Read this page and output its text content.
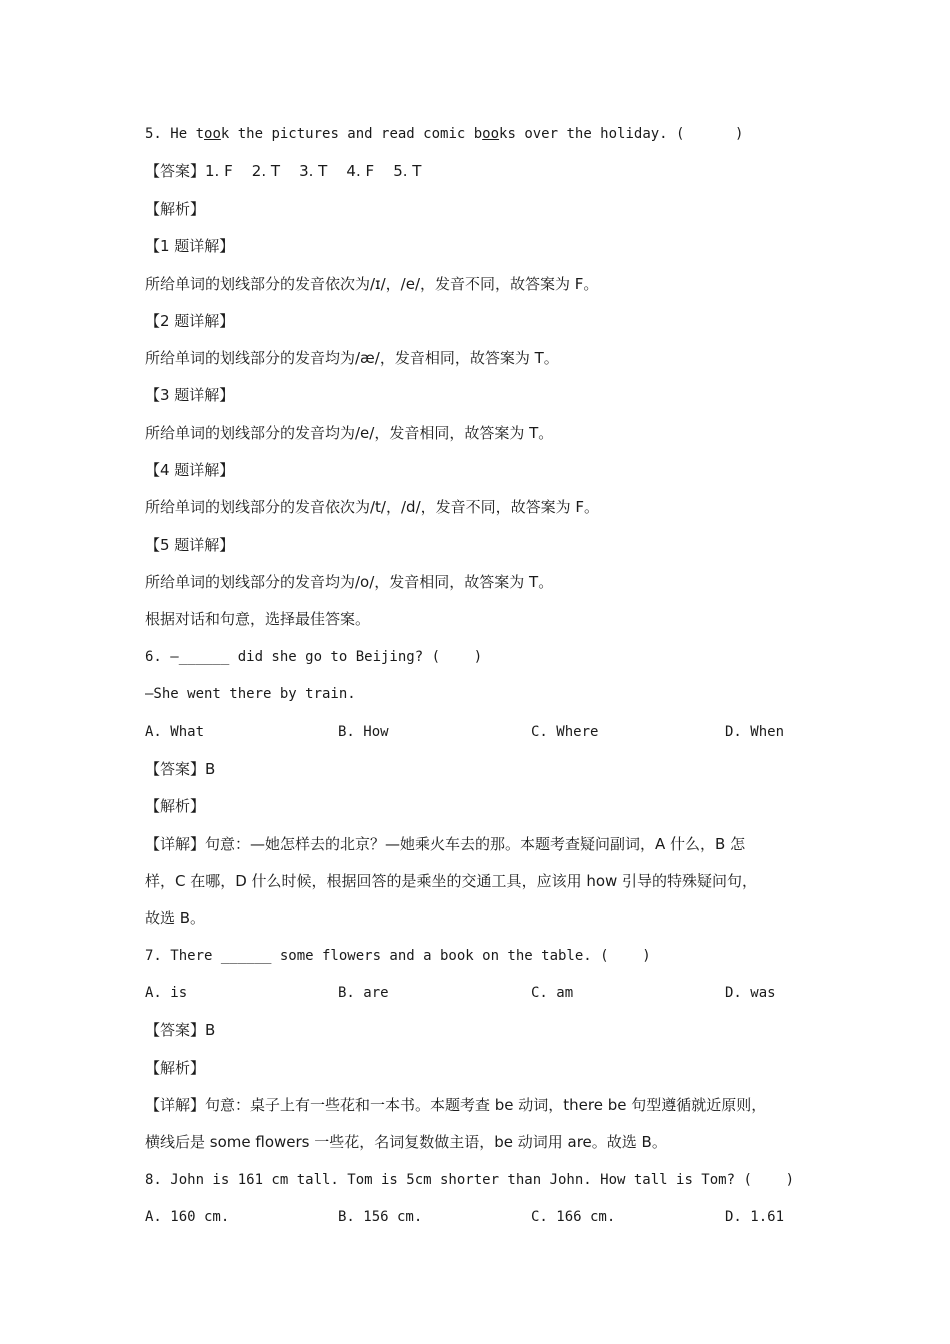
5. He took the pictures and read comic books over the holiday. (      )
【答案】1. F    2. T    3. T    4. F    5. T
【解析】
【1 题详解】
所给单词的划线部分的发音依次为/ɪ/，/e/，发音不同，故答案为 F。
【2 题详解】
所给单词的划线部分的发音均为/æ/，发音相同，故答案为 T。
【3 题详解】
所给单词的划线部分的发音均为/e/，发音相同，故答案为 T。
【4 题详解】
所给单词的划线部分的发音依次为/t/，/d/，发音不同，故答案为 F。
【5 题详解】
所给单词的划线部分的发音均为/o/，发音相同，故答案为 T。
根据对话和句意，选择最佳答案。
6. —______ did she go to Beijing? (    )
—She went there by train.
A. What	B. How	C. Where	D. When
【答案】B
【解析】
【详解】句意：—她怎样去的北京？—她乘火车去的那。本题考查疑问副词，A 什么，B 怎
样，C 在哪，D 什么时候，根据回答的是乘坐的交通工具，应该用 how 引导的特殊疑问句，
故选 B。
7. There ______ some flowers and a book on the table. (    )
A. is	B. are	C. am	D. was
【答案】B
【解析】
【详解】句意：桌子上有一些花和一本书。本题考查 be 动词，there be 句型遵循就近原则，
横线后是 some flowers 一些花，名词复数做主语，be 动词用 are。故选 B。
8. John is 161 cm tall. Tom is 5cm shorter than John. How tall is Tom? (    )
A. 160 cm.	B. 156 cm.	C. 166 cm.	D. 1.61
